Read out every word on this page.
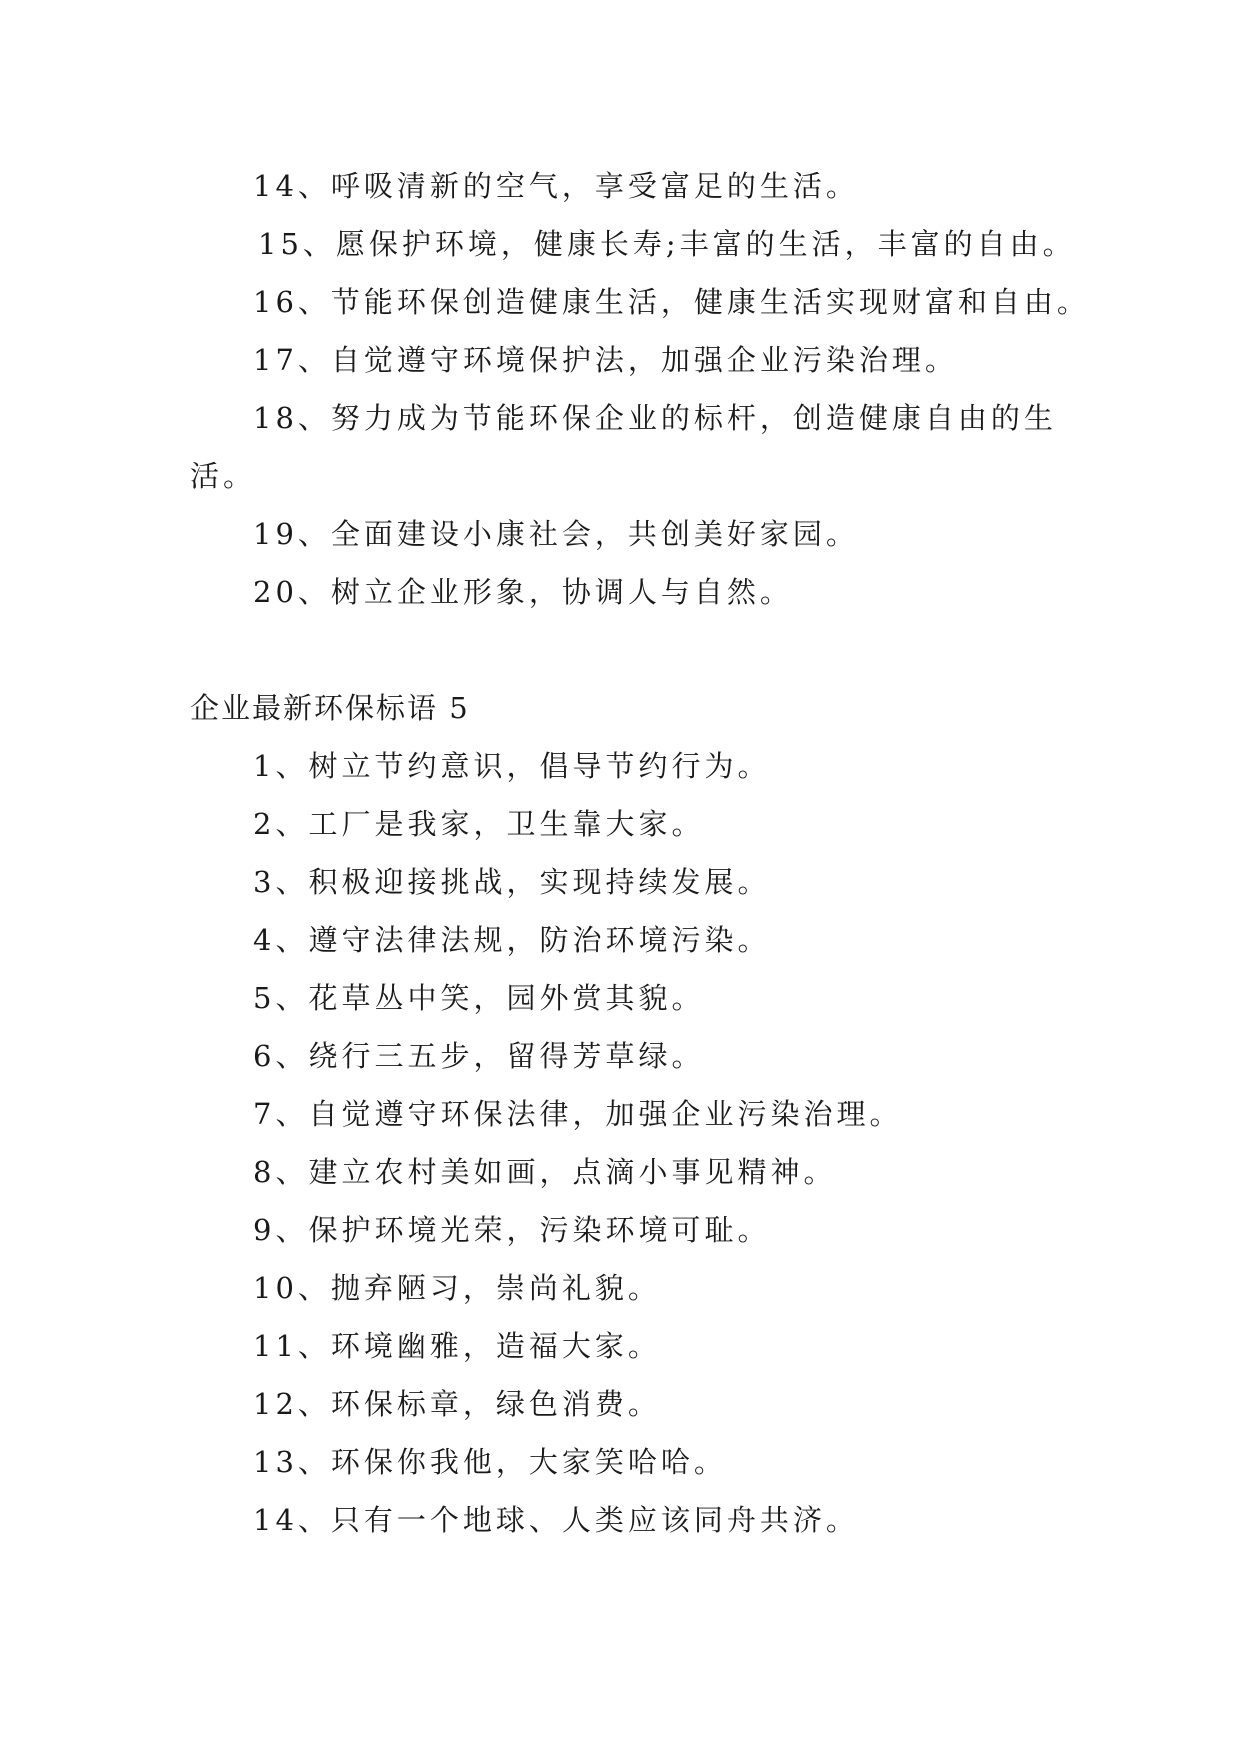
14、呼吸清新的空气，享受富足的生活。
15、愿保护环境，健康长寿;丰富的生活，丰富的自由。
16、节能环保创造健康生活，健康生活实现财富和自由。
17、自觉遵守环境保护法，加强企业污染治理。
18、努力成为节能环保企业的标杆，创造健康自由的生
活。
19、全面建设小康社会，共创美好家园。
20、树立企业形象，协调人与自然。
企业最新环保标语 5
1、树立节约意识，倡导节约行为。
2、工厂是我家，卫生靠大家。
3、积极迎接挑战，实现持续发展。
4、遵守法律法规，防治环境污染。
5、花草丛中笑，园外赏其貌。
6、绕行三五步，留得芳草绿。
7、自觉遵守环保法律，加强企业污染治理。
8、建立农村美如画，点滴小事见精神。
9、保护环境光荣，污染环境可耻。
10、抛弃陋习，崇尚礼貌。
11、环境幽雅，造福大家。
12、环保标章，绿色消费。
13、环保你我他，大家笑哈哈。
14、只有一个地球、人类应该同舟共济。
